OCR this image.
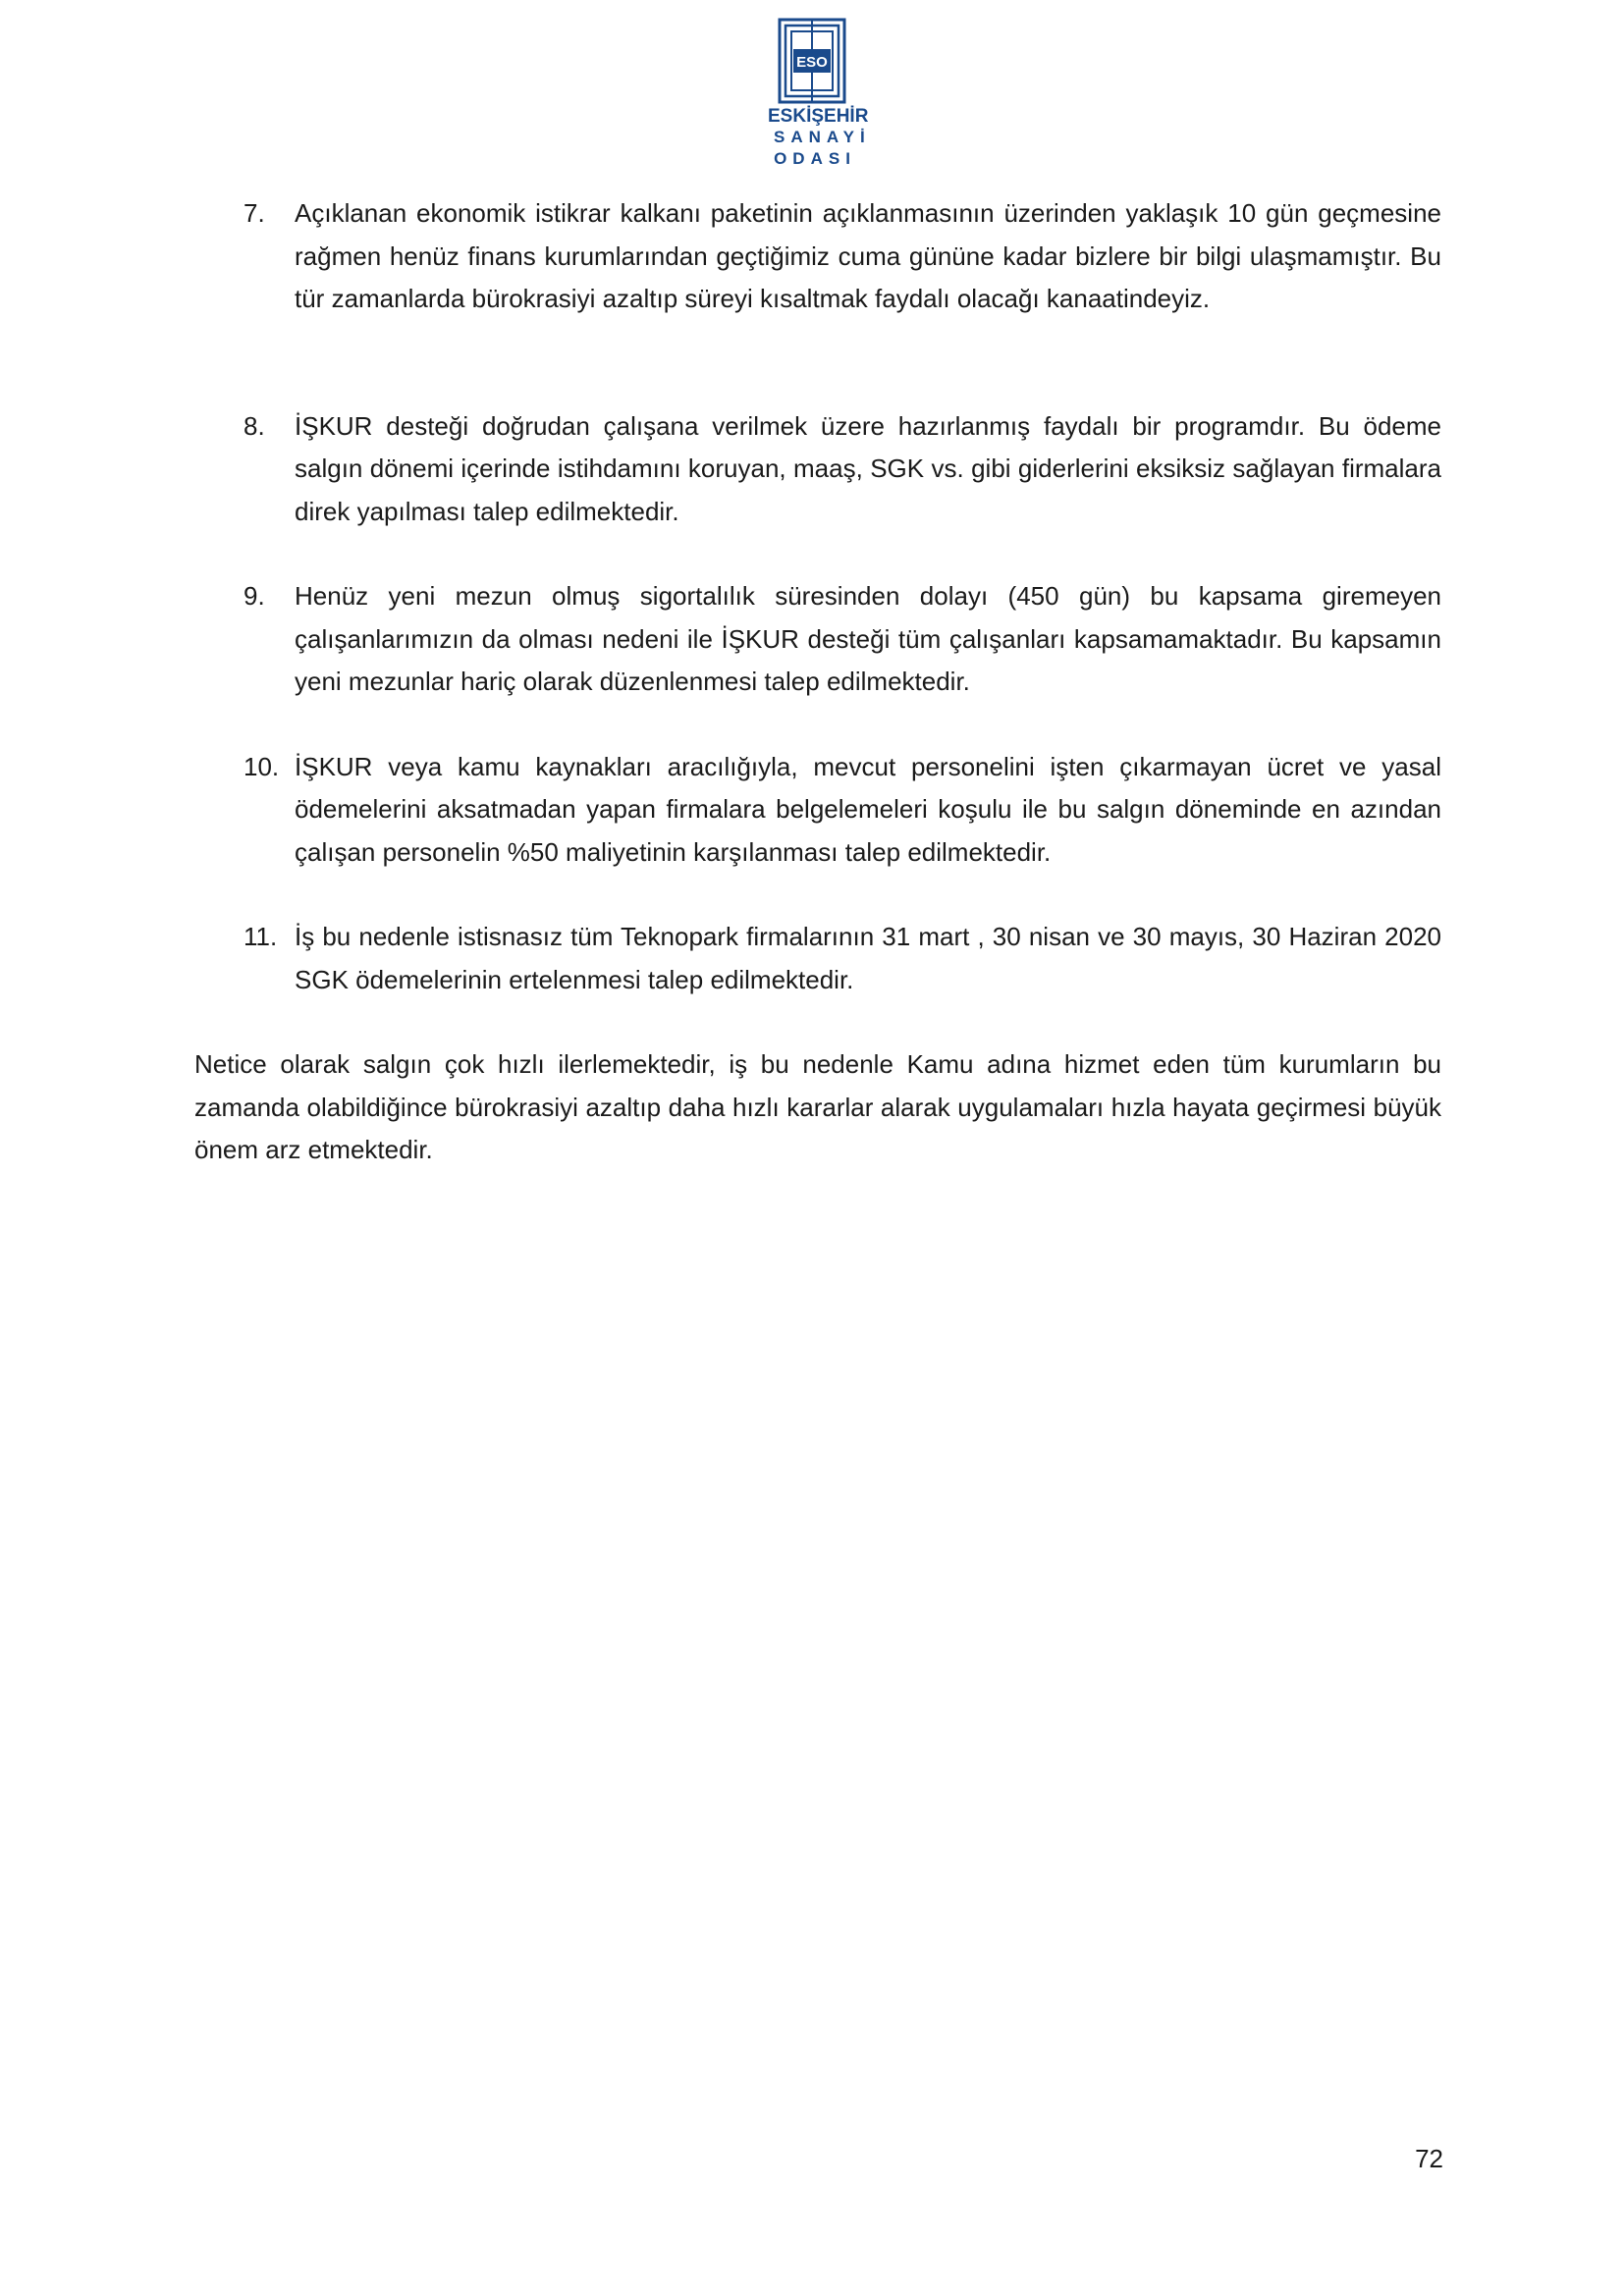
ESO
ESKİŞEHİR
SANAYİ
ODASI
7. Açıklanan ekonomik istikrar kalkanı paketinin açıklanmasının üzerinden yaklaşık 10 gün geçmesine rağmen henüz finans kurumlarından geçtiğimiz cuma gününe kadar bizlere bir bilgi ulaşmamıştır. Bu tür zamanlarda bürokrasiyi azaltıp süreyi kısaltmak faydalı olacağı kanaatindeyiz.
8. İŞKUR desteği doğrudan çalışana verilmek üzere hazırlanmış faydalı bir programdır. Bu ödeme salgın dönemi içerinde istihdamını koruyan, maaş, SGK vs. gibi giderlerini eksiksiz sağlayan firmalara direk yapılması talep edilmektedir.
9. Henüz yeni mezun olmuş sigortalılık süresinden dolayı (450 gün) bu kapsama giremeyen çalışanlarımızın da olması nedeni ile İŞKUR desteği tüm çalışanları kapsamamaktadır. Bu kapsamın yeni mezunlar hariç olarak düzenlenmesi talep edilmektedir.
10. İŞKUR veya kamu kaynakları aracılığıyla, mevcut personelini işten çıkarmayan ücret ve yasal ödemelerini aksatmadan yapan firmalara belgelemeleri koşulu ile bu salgın döneminde en azından çalışan personelin %50 maliyetinin karşılanması talep edilmektedir.
11. İş bu nedenle istisnasız tüm Teknopark firmalarının 31 mart , 30 nisan ve 30 mayıs, 30 Haziran 2020 SGK ödemelerinin ertelenmesi talep edilmektedir.
Netice olarak salgın çok hızlı ilerlemektedir, iş bu nedenle Kamu adına hizmet eden tüm kurumların bu zamanda olabildiğince bürokrasiyi azaltıp daha hızlı kararlar alarak uygulamaları hızla hayata geçirmesi büyük önem arz etmektedir.
72
